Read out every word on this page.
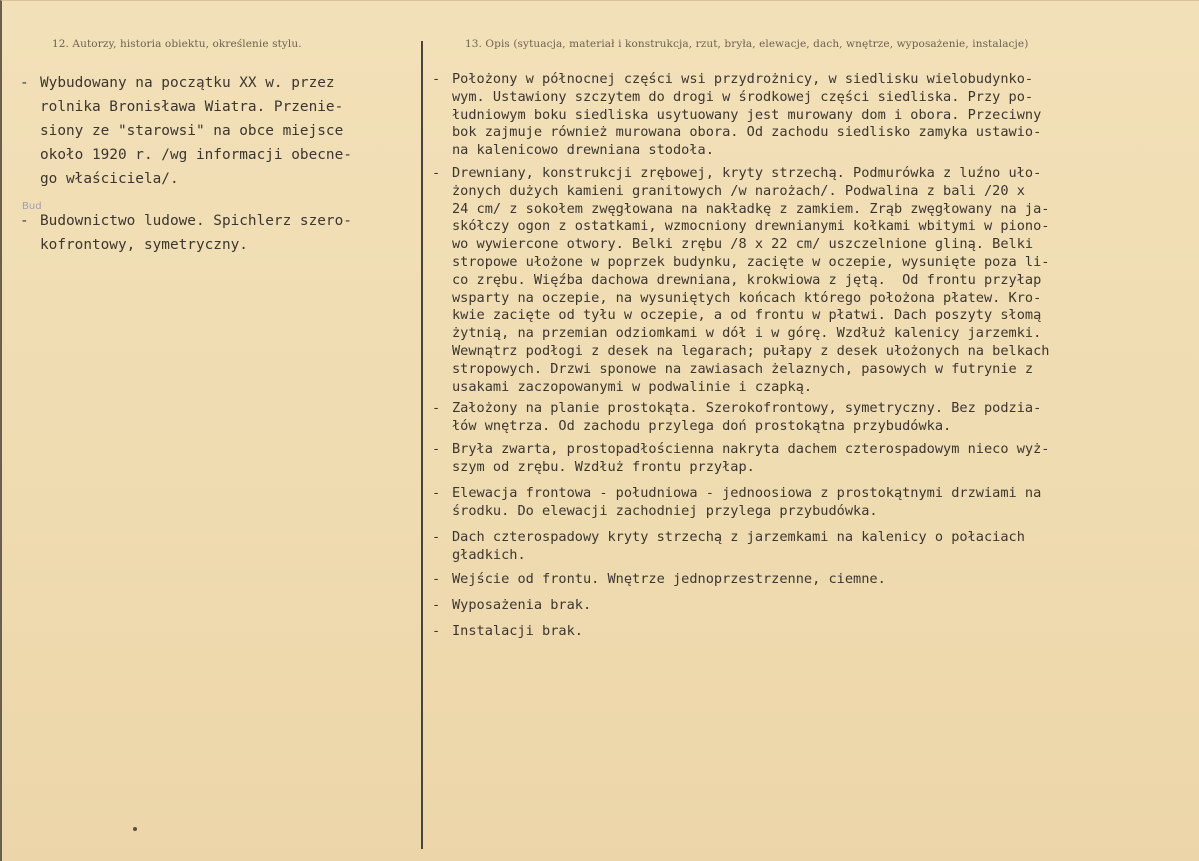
12. Autorzy, historia obiektu, określenie stylu.	13. Opis (sytuacja, materiał i konstrukcja, rzut, bryła, elewacje, dach, wnętrze, wyposażenie, instalacje)
Bud
- Wybudowany na początku XX w. przez
rolnika Bronisława Wiatra. Przenie-
siony ze "starowsi" na obce miejsce
około 1920 r. /wg informacji obecne-
go właściciela/.
- Budownictwo ludowe. Spichlerz szero-
kofrontowy, symetryczny.
- Położony w północnej części wsi przydrożnicy, w siedlisku wielobudynko-
wym. Ustawiony szczytem do drogi w środkowej części siedliska. Przy po-
łudniowym boku siedliska usytuowany jest murowany dom i obora. Przeciwny
bok zajmuje również murowana obora. Od zachodu siedlisko zamyka ustawio-
na kalenicowo drewniana stodoła.
- Drewniany, konstrukcji zrębowej, kryty strzechą. Podmurówka z luźno uło-
żonych dużych kamieni granitowych /w narożach/. Podwalina z bali /20 x
24 cm/ z sokołem zwęgłowana na nakładkę z zamkiem. Zrąb zwęgłowany na ja-
skółczy ogon z ostatkami, wzmocniony drewnianymi kołkami wbitymi w piono-
wo wywiercone otwory. Belki zrębu /8 x 22 cm/ uszczelnione gliną. Belki
stropowe ułożone w poprzek budynku, zacięte w oczepie, wysunięte poza li-
co zrębu. Więźba dachowa drewniana, krokwiowa z jętą.  Od frontu przyłap
wsparty na oczepie, na wysuniętych końcach którego położona płatew. Kro-
kwie zacięte od tyłu w oczepie, a od frontu w płatwi. Dach poszyty słomą
żytnią, na przemian odziomkami w dół i w górę. Wzdłuż kalenicy jarzemki.
Wewnątrz podłogi z desek na legarach; pułapy z desek ułożonych na belkach
stropowych. Drzwi sponowe na zawiasach żelaznych, pasowych w futrynie z
usakami zaczopowanymi w podwalinie i czapką.
- Założony na planie prostokąta. Szerokofrontowy, symetryczny. Bez podzia-
łów wnętrza. Od zachodu przylega doń prostokątna przybudówka.
- Bryła zwarta, prostopadłościenna nakryta dachem czterospadowym nieco wyż-
szym od zrębu. Wzdłuż frontu przyłap.
- Elewacja frontowa - południowa - jednoosiowa z prostokątnymi drzwiami na
środku. Do elewacji zachodniej przylega przybudówka.
- Dach czterospadowy kryty strzechą z jarzemkami na kalenicy o połaciach
gładkich.
- Wejście od frontu. Wnętrze jednoprzestrzenne, ciemne.
- Wyposażenia brak.
- Instalacji brak.
